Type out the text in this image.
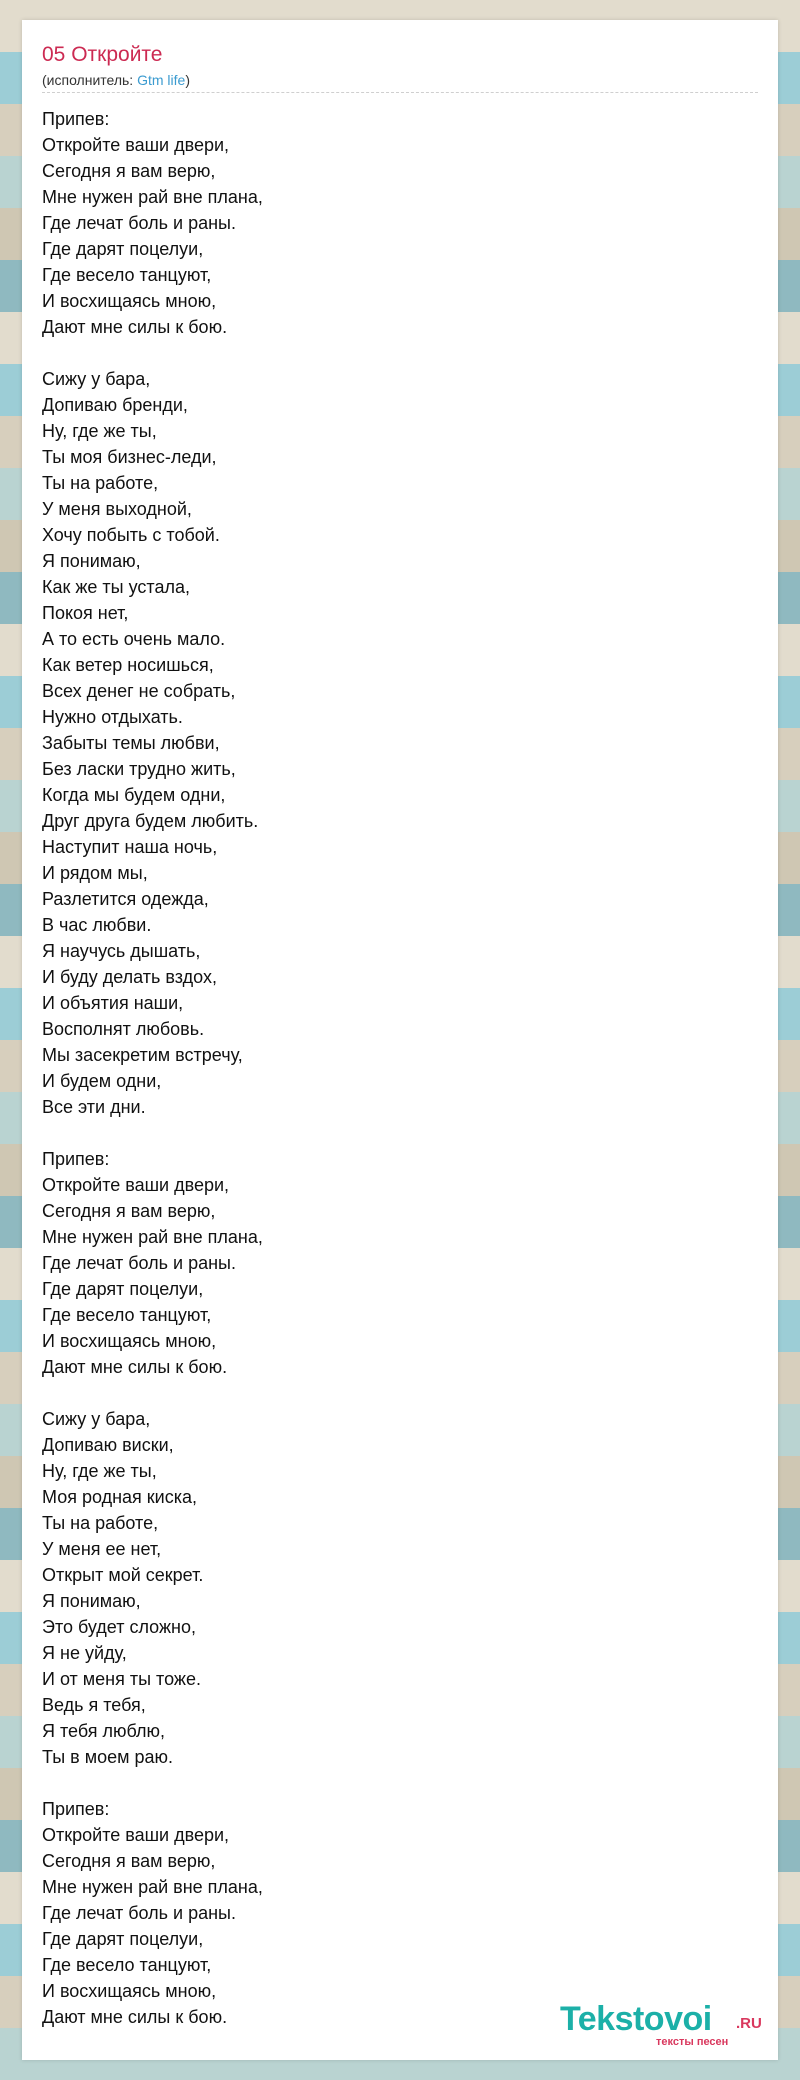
05 Откройте
(исполнитель: Gtm life)
Припев:
Откройте ваши двери,
Сегодня я вам верю,
Мне нужен рай вне плана,
Где лечат боль и раны.
Где дарят поцелуи,
Где весело танцуют,
И восхищаясь мною,
Дают мне силы к бою.
Сижу у бара,
Допиваю бренди,
Ну, где же ты,
Ты моя бизнес-леди,
Ты на работе,
У меня выходной,
Хочу побыть с тобой.
Я понимаю,
Как же ты устала,
Покоя нет,
А то есть очень мало.
Как ветер носишься,
Всех денег не собрать,
Нужно отдыхать.
Забыты темы любви,
Без ласки трудно жить,
Когда мы будем одни,
Друг друга будем любить.
Наступит наша ночь,
И рядом мы,
Разлетится одежда,
В час любви.
Я научусь дышать,
И буду делать вздох,
И объятия наши,
Восполнят любовь.
Мы засекретим встречу,
И будем одни,
Все эти дни.
Припев:
Откройте ваши двери,
Сегодня я вам верю,
Мне нужен рай вне плана,
Где лечат боль и раны.
Где дарят поцелуи,
Где весело танцуют,
И восхищаясь мною,
Дают мне силы к бою.
Сижу у бара,
Допиваю виски,
Ну, где же ты,
Моя родная киска,
Ты на работе,
У меня ее нет,
Открыт мой секрет.
Я понимаю,
Это будет сложно,
Я не уйду,
И от меня ты тоже.
Ведь я тебя,
Я тебя люблю,
Ты в моем раю.
Припев:
Откройте ваши двери,
Сегодня я вам верю,
Мне нужен рай вне плана,
Где лечат боль и раны.
Где дарят поцелуи,
Где весело танцуют,
И восхищаясь мною,
Дают мне силы к бою.	Tekstovoi .RU
тексты песен
